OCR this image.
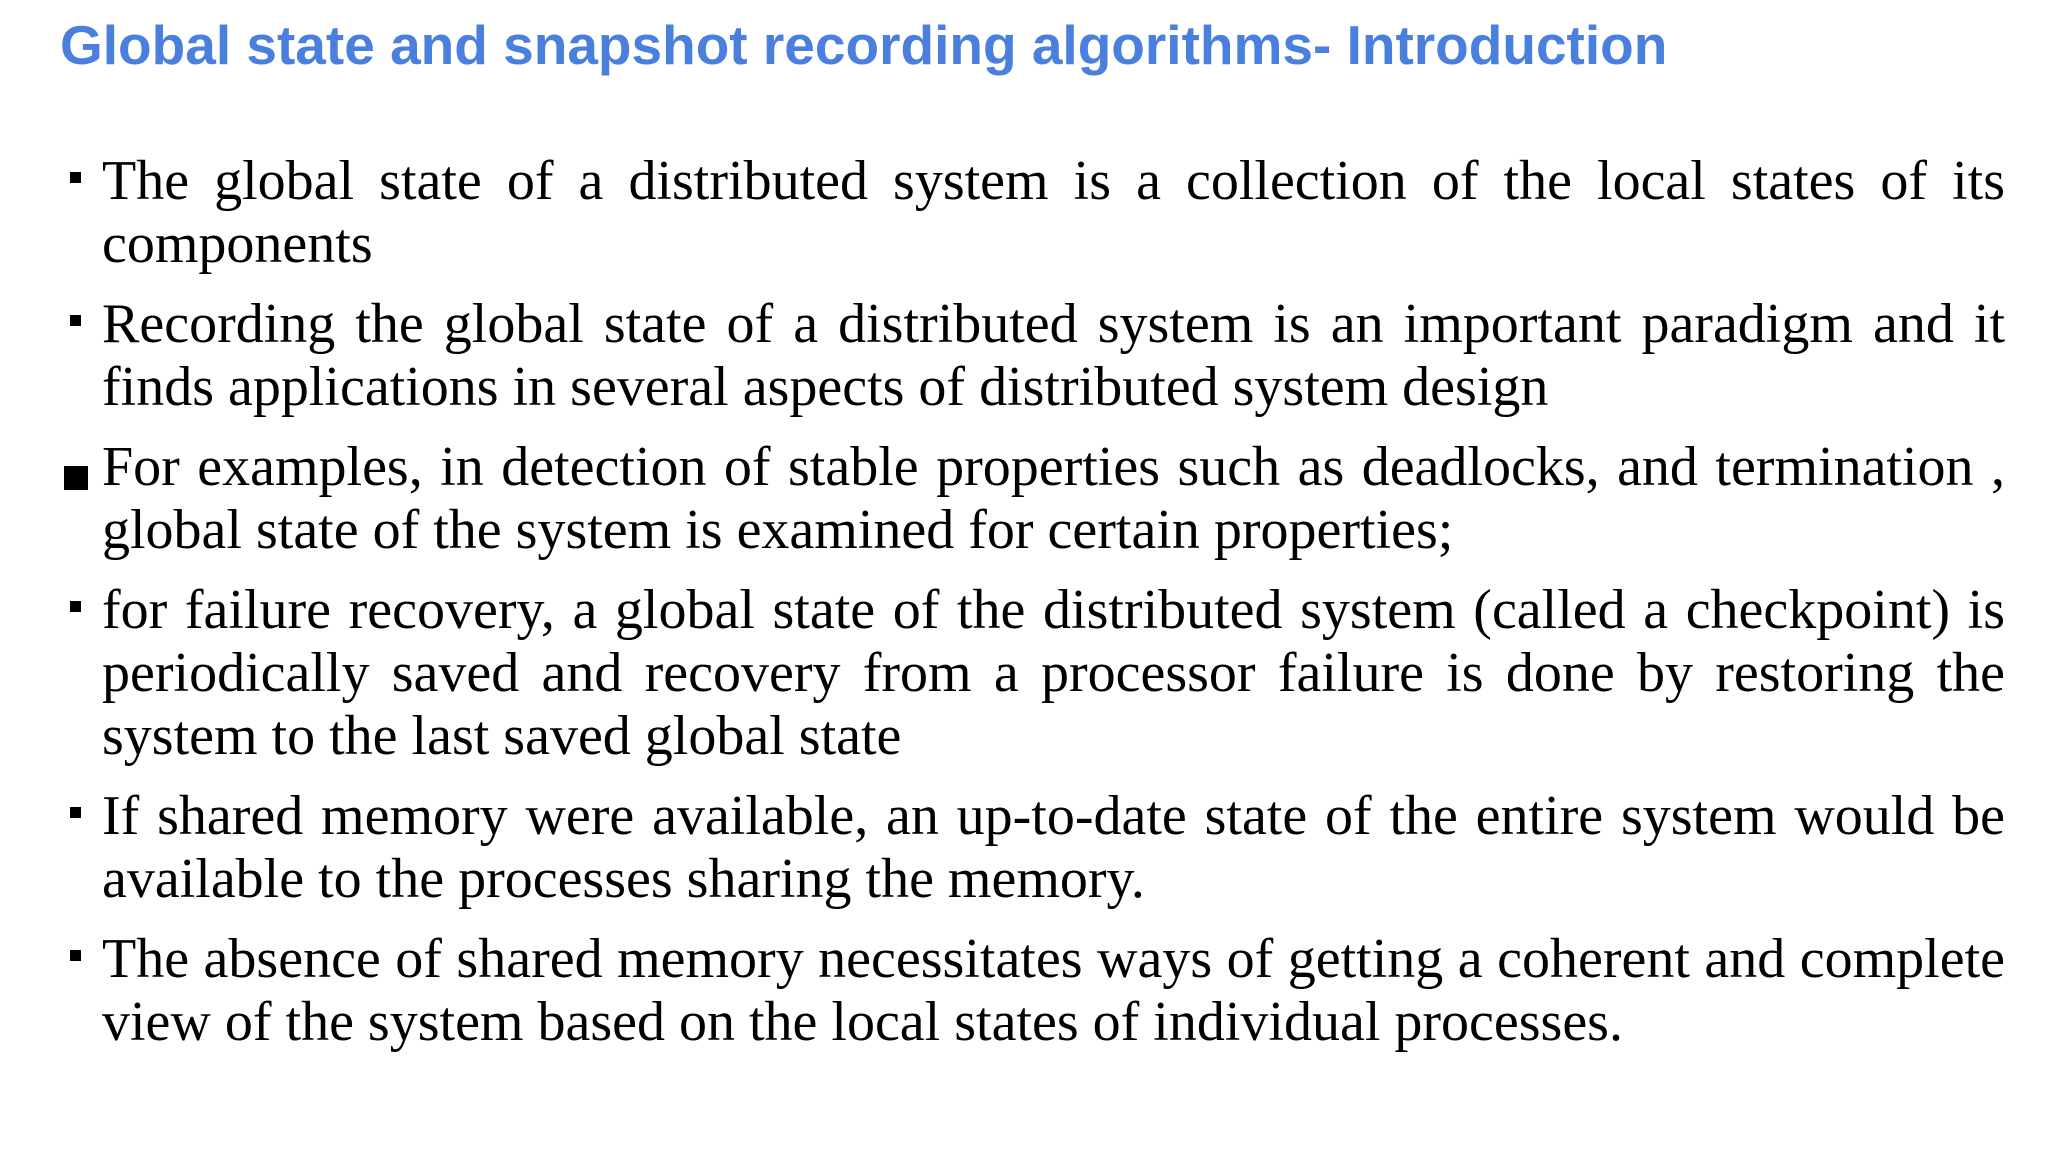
Global state and snapshot recording algorithms- Introduction
The global state of a distributed system is a collection of the local states of its components
Recording the global state of a distributed system is an important paradigm and it finds applications in several aspects of distributed system design
For examples, in detection of stable properties such as deadlocks, and termination , global state of the system is examined for certain properties;
for failure recovery, a global state of the distributed system (called a checkpoint) is periodically saved and recovery from a processor failure is done by restoring the system to the last saved global state
If shared memory were available, an up-to-date state of the entire system would be available to the processes sharing the memory.
The absence of shared memory necessitates ways of getting a coherent and complete view of the system based on the local states of individual processes.
